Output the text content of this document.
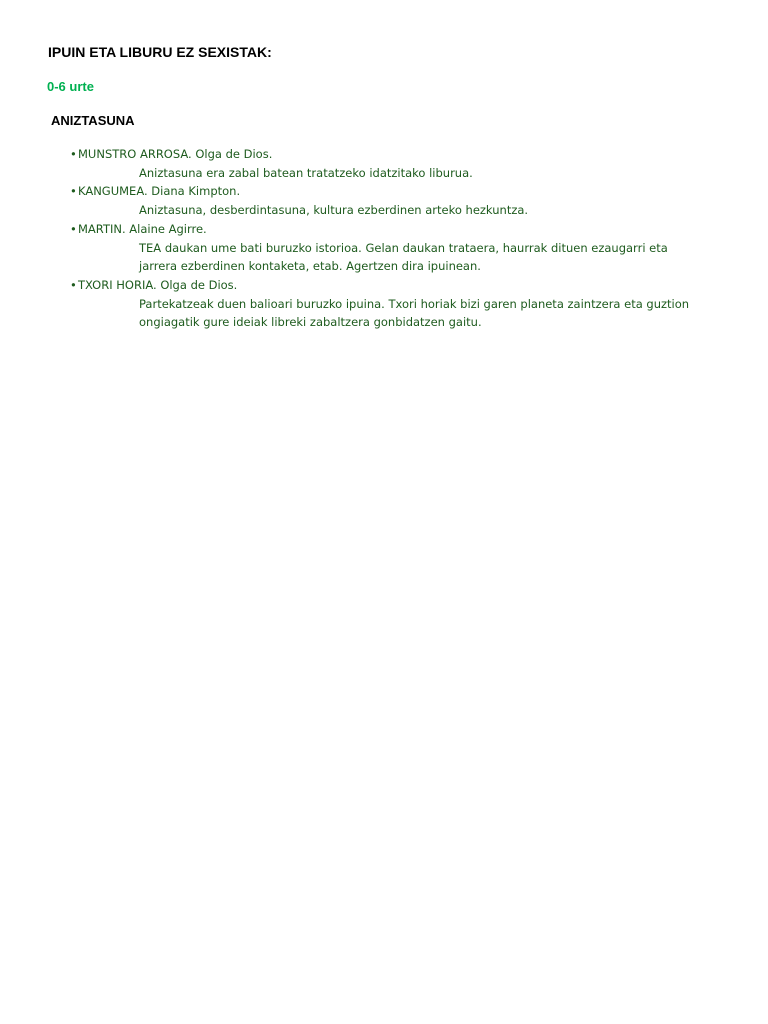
IPUIN ETA LIBURU EZ SEXISTAK:
0-6 urte
ANIZTASUNA
•MUNSTRO ARROSA. Olga de Dios.
Aniztasuna era zabal batean tratatzeko idatzitako liburua.
•KANGUMEA. Diana Kimpton.
Aniztasuna, desberdintasuna, kultura ezberdinen arteko hezkuntza.
•MARTIN. Alaine Agirre.
TEA daukan ume bati buruzko istorioa. Gelan daukan trataera, haurrak dituen ezaugarri eta jarrera ezberdinen kontaketa, etab. Agertzen dira ipuinean.
•TXORI HORIA. Olga de Dios.
Partekatzeak duen balioari buruzko ipuina. Txori horiak bizi garen planeta zaintzera eta guztion ongiagatik gure ideiak libreki zabaltzera gonbidatzen gaitu.
